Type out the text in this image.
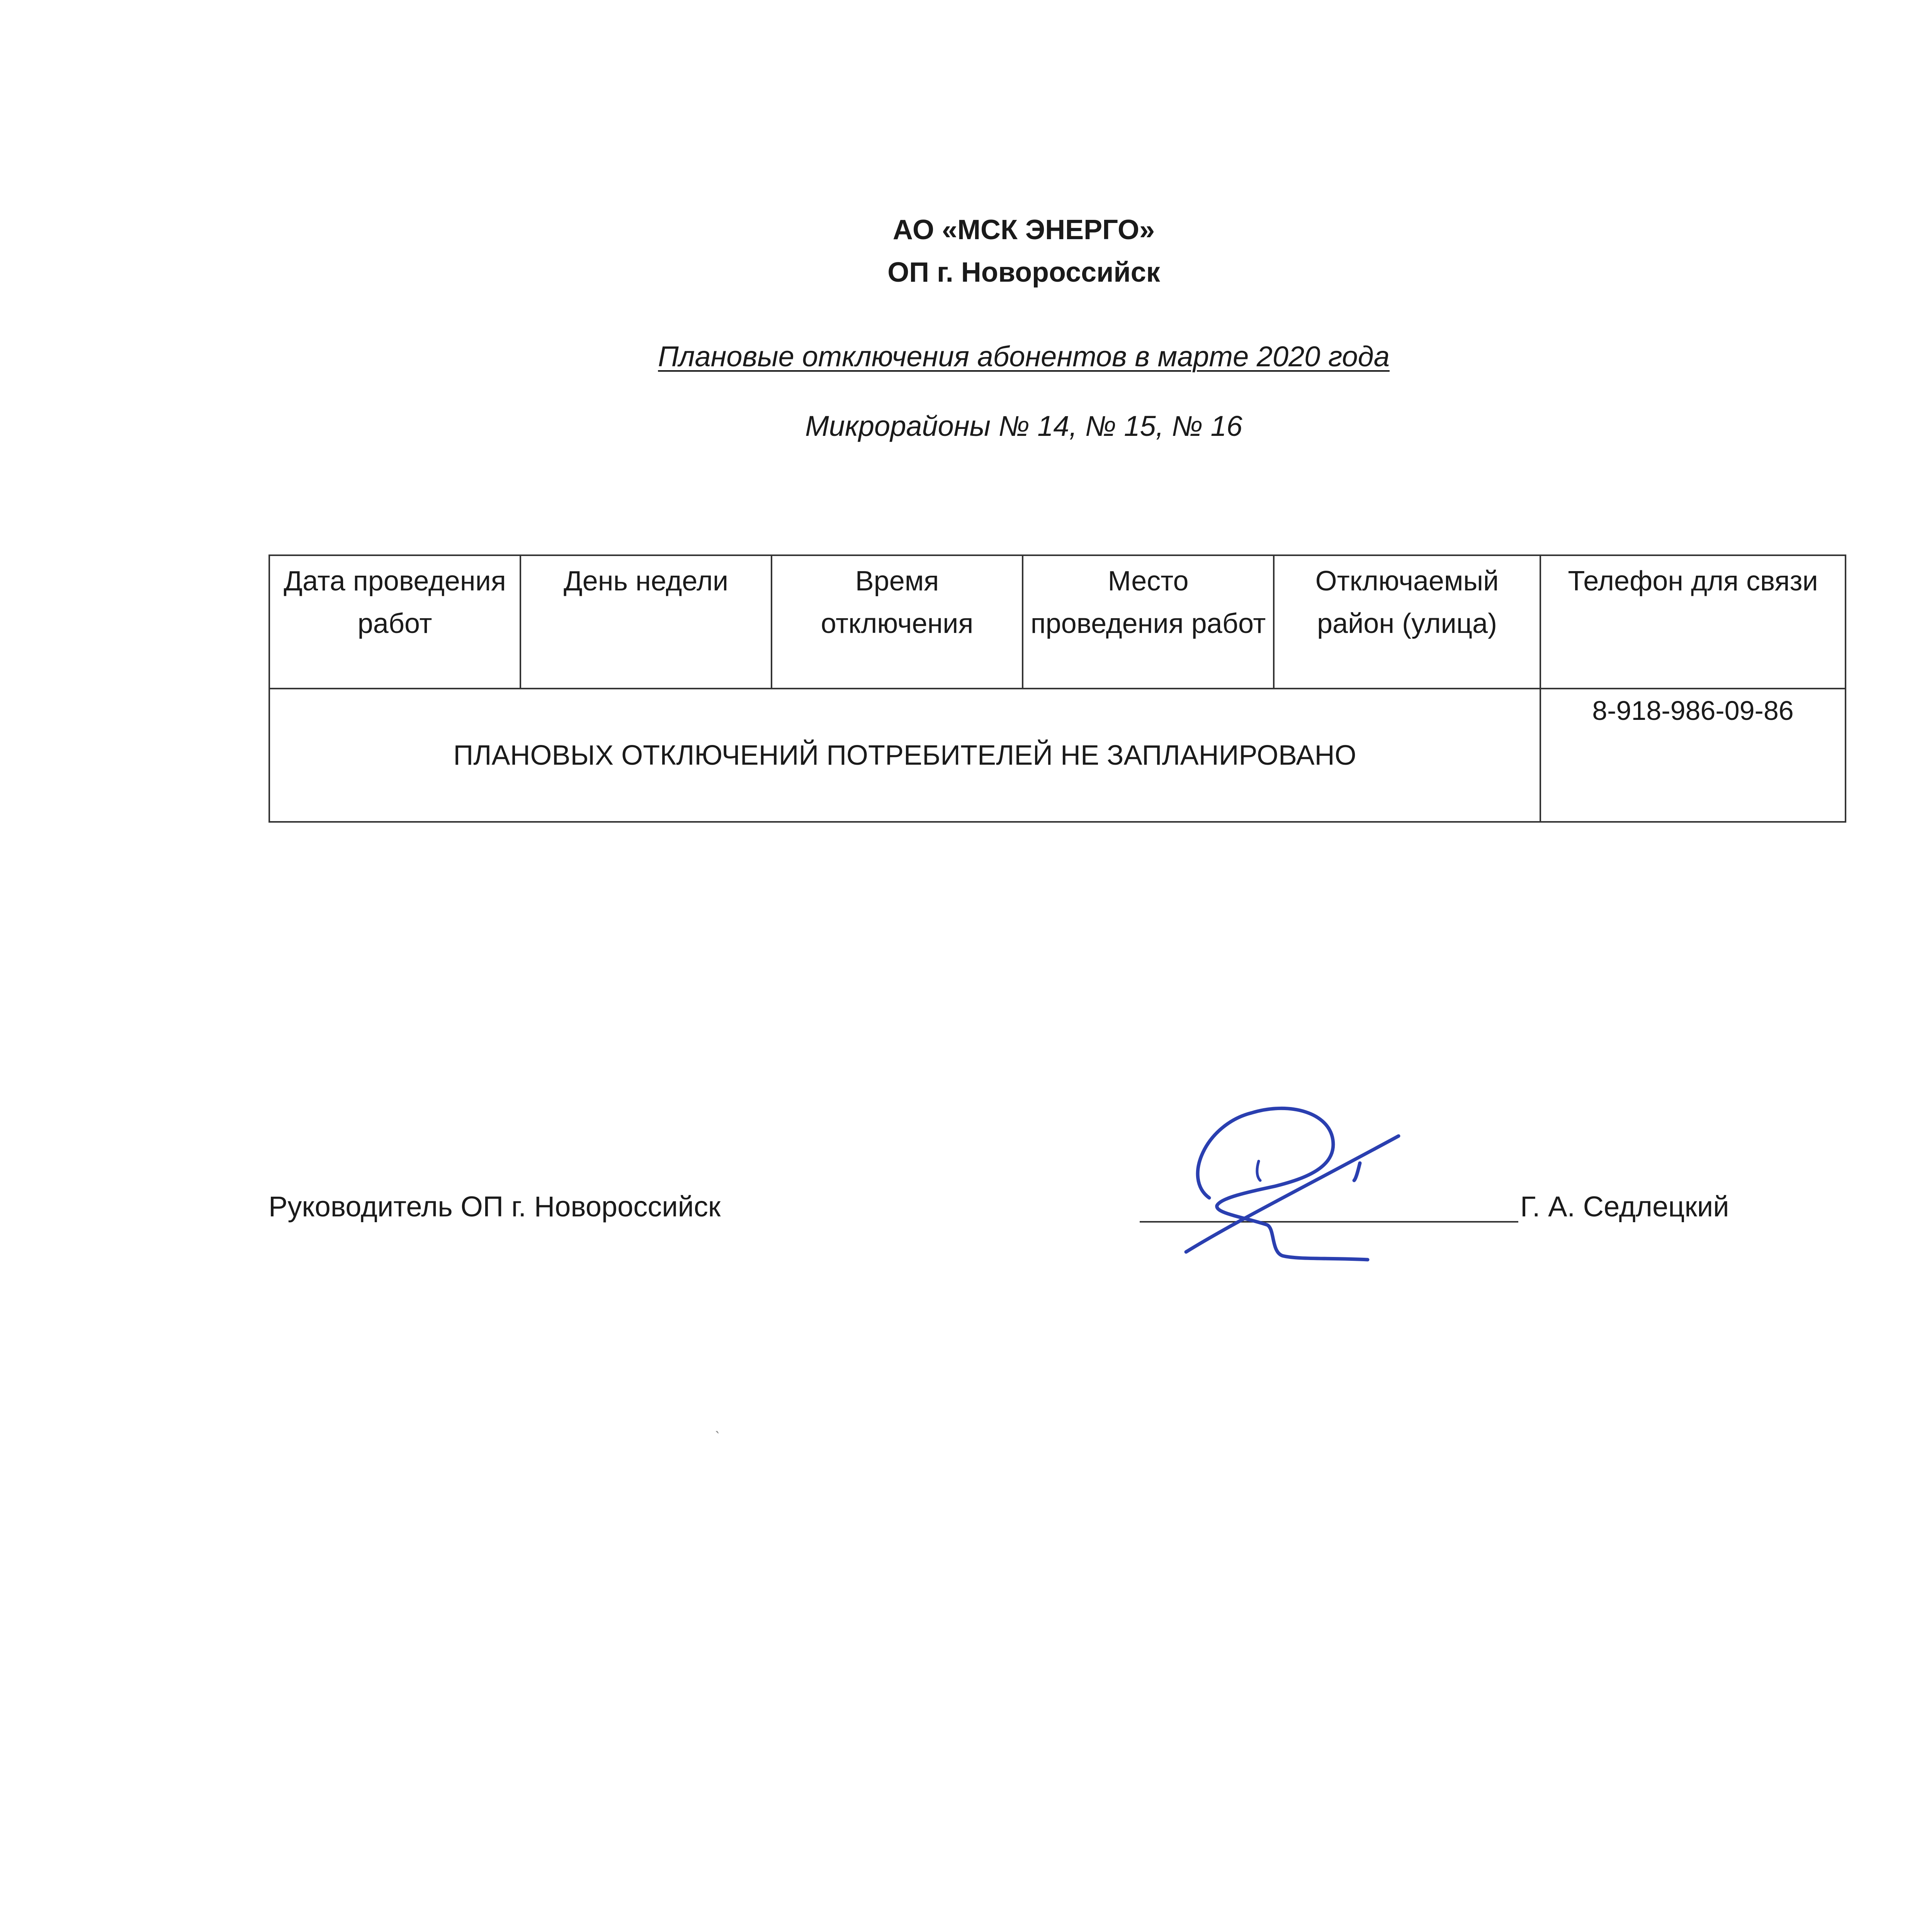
АО «МСК ЭНЕРГО»
ОП г. Новороссийск
Плановые отключения абонентов в марте 2020 года
Микрорайоны № 14, № 15, № 16
Дата проведения работ	День недели	Время отключения	Место проведения работ	Отключаемый район (улица)	Телефон для связи
ПЛАНОВЫХ ОТКЛЮЧЕНИЙ ПОТРЕБИТЕЛЕЙ НЕ ЗАПЛАНИРОВАНО					8-918-986-09-86
Руководитель ОП г. Новороссийск	Г. А. Седлецкий
˴
